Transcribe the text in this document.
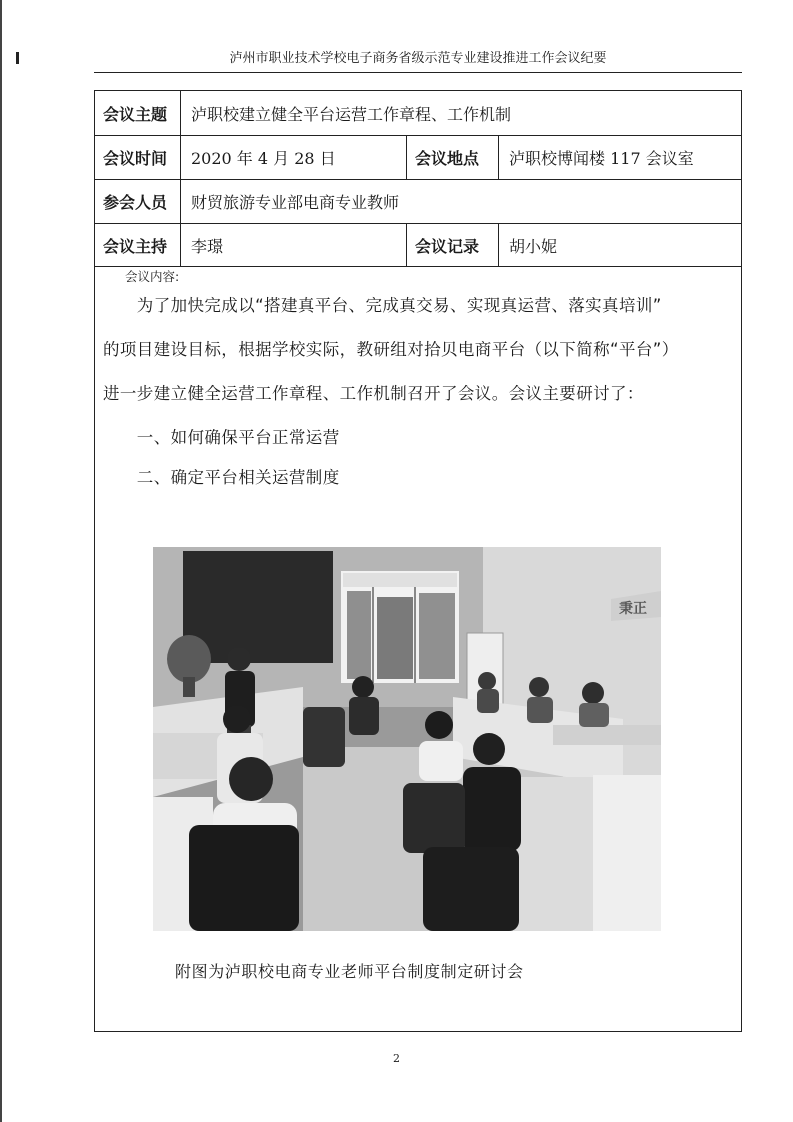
泸州市职业技术学校电子商务省级示范专业建设推进工作会议纪要
会议主题	泸职校建立健全平台运营工作章程、工作机制
会议时间	2020 年 4 月 28 日	会议地点	泸职校博闻楼 117 会议室
参会人员	财贸旅游专业部电商专业教师
会议主持	李璟	会议记录	胡小妮
会议内容:
　　为了加快完成以“搭建真平台、完成真交易、实现真运营、落实真培训”
的项目建设目标，根据学校实际，教研组对拾贝电商平台（以下简称“平台”）
进一步建立健全运营工作章程、工作机制召开了会议。会议主要研讨了：
　　一、如何确保平台正常运营
　　二、确定平台相关运营制度
秉正
附图为泸职校电商专业老师平台制度制定研讨会
2
